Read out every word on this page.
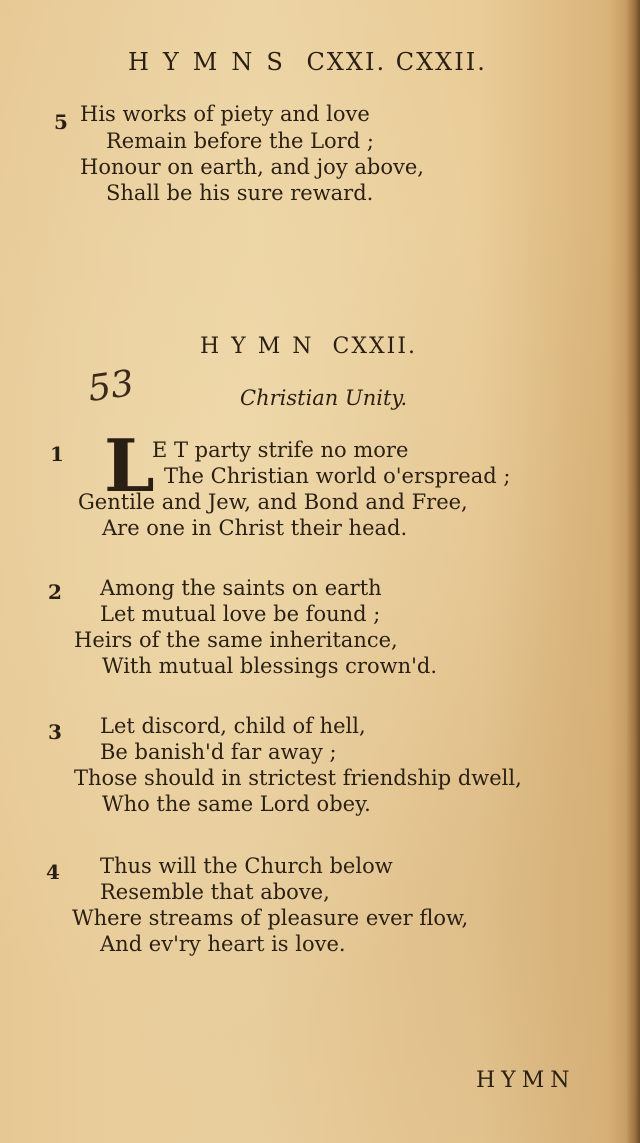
HYMNS CXXI. CXXII.
5 His works of piety and love
Remain before the Lord ;
Honour on earth, and joy above,
Shall be his sure reward.
HYMN CXXII.
53	Christian Unity.
1 L
E T party strife no more
The Christian world o'erspread ;
Gentile and Jew, and Bond and Free,
Are one in Christ their head.
2 Among the saints on earth
Let mutual love be found ;
Heirs of the same inheritance,
With mutual blessings crown'd.
3 Let discord, child of hell,
Be banish'd far away ;
Those should in strictest friendship dwell,
Who the same Lord obey.
4 Thus will the Church below
Resemble that above,
Where streams of pleasure ever flow,
And ev'ry heart is love.
HYMN
